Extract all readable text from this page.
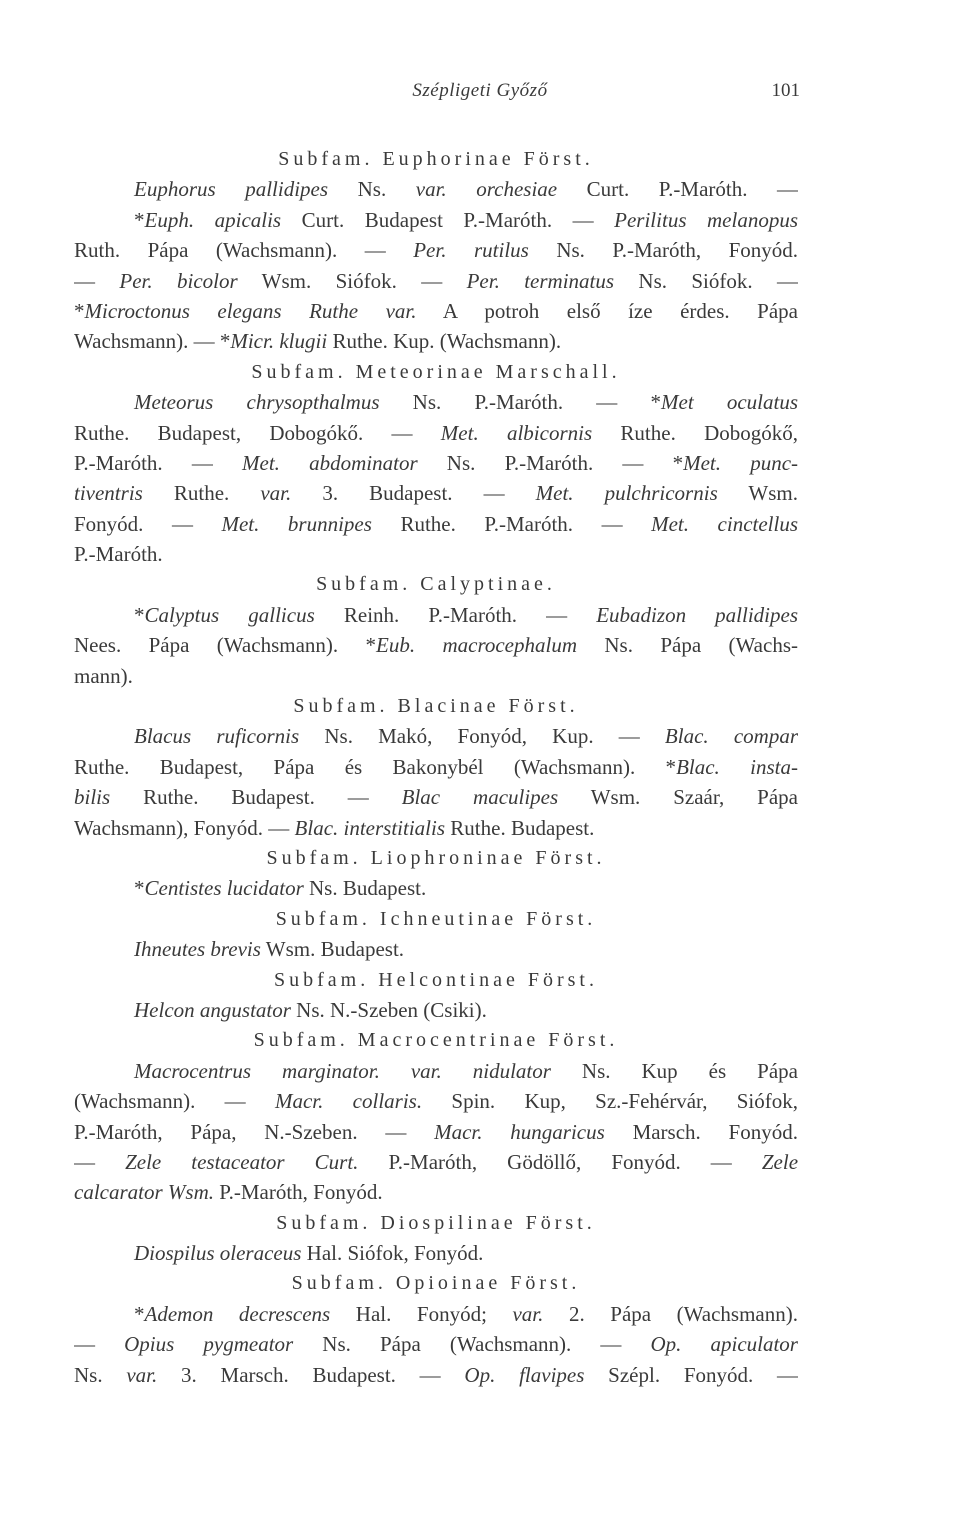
Szépligeti Győző	101
Subfam. Euphorinae Först.
Euphorus pallidipes Ns. var. orchesiae Curt. P.-Maróth. —
*Euph. apicalis Curt. Budapest P.-Maróth. — Perilitus melanopus
Ruth. Pápa (Wachsmann). — Per. rutilus Ns. P.-Maróth, Fonyód.
— Per. bicolor Wsm. Siófok. — Per. terminatus Ns. Siófok. —
*Microctonus elegans Ruthe var. A potroh első íze érdes. Pápa
Wachsmann). — *Micr. klugii Ruthe. Kup. (Wachsmann).
Subfam. Meteorinae Marschall.
Meteorus chrysopthalmus Ns. P.-Maróth. — *Met oculatus
Ruthe. Budapest, Dobogókő. — Met. albicornis Ruthe. Dobogókő,
P.-Maróth. — Met. abdominator Ns. P.-Maróth. — *Met. punc-
tiventris Ruthe. var. 3. Budapest. — Met. pulchricornis Wsm.
Fonyód. — Met. brunnipes Ruthe. P.-Maróth. — Met. cinctellus
P.-Maróth.
Subfam. Calyptinae.
*Calyptus gallicus Reinh. P.-Maróth. — Eubadizon pallidipes
Nees. Pápa (Wachsmann). *Eub. macrocephalum Ns. Pápa (Wachs-
mann).
Subfam. Blacinae Först.
Blacus ruficornis Ns. Makó, Fonyód, Kup. — Blac. compar
Ruthe. Budapest, Pápa és Bakonybél (Wachsmann). *Blac. insta-
bilis Ruthe. Budapest. — Blac maculipes Wsm. Szaár, Pápa
Wachsmann), Fonyód. — Blac. interstitialis Ruthe. Budapest.
Subfam. Liophroninae Först.
*Centistes lucidator Ns. Budapest.
Subfam. Ichneutinae Först.
Ihneutes brevis Wsm. Budapest.
Subfam. Helcontinae Först.
Helcon angustator Ns. N.-Szeben (Csiki).
Subfam. Macrocentrinae Först.
Macrocentrus marginator. var. nidulator Ns. Kup és Pápa
(Wachsmann). — Macr. collaris. Spin. Kup, Sz.-Fehérvár, Siófok,
P.-Maróth, Pápa, N.-Szeben. — Macr. hungaricus Marsch. Fonyód.
— Zele testaceator Curt. P.-Maróth, Gödöllő, Fonyód. — Zele
calcarator Wsm. P.-Maróth, Fonyód.
Subfam. Diospilinae Först.
Diospilus oleraceus Hal. Siófok, Fonyód.
Subfam. Opioinae Först.
*Ademon decrescens Hal. Fonyód; var. 2. Pápa (Wachsmann).
— Opius pygmeator Ns. Pápa (Wachsmann). — Op. apiculator
Ns. var. 3. Marsch. Budapest. — Op. flavipes Szépl. Fonyód. —
